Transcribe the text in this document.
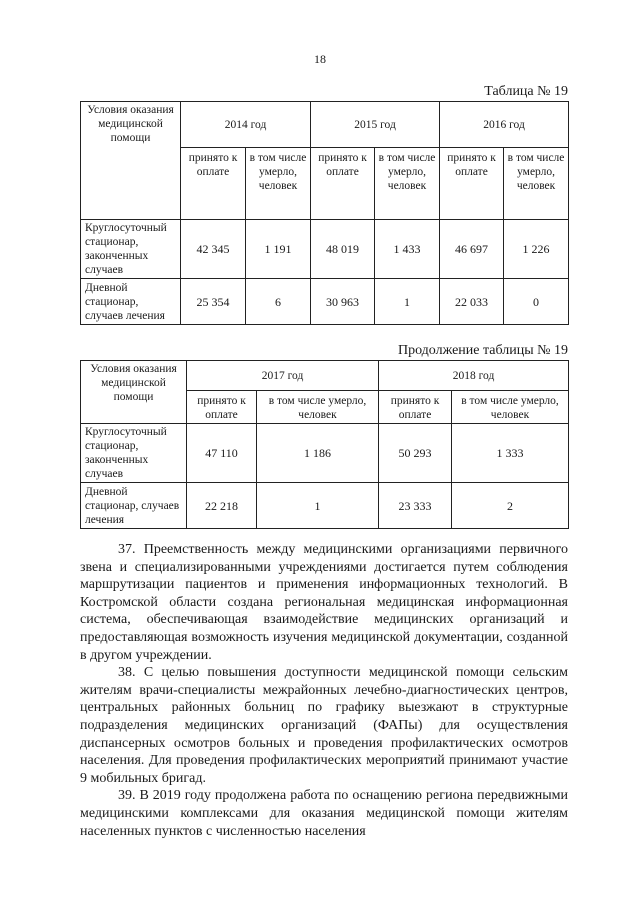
18
Таблица № 19
Условия оказания медицинской помощи	2014 год		2015 год		2016 год	
	принято к оплате	в том числе умерло, человек	принято к оплате	в том числе умерло, человек	принято к оплате	в том числе умерло, человек
Круглосуточный стационар, законченных случаев	42 345	1 191	48 019	1 433	46 697	1 226
Дневной стационар, случаев лечения	25 354	6	30 963	1	22 033	0
Продолжение таблицы № 19
Условия оказания медицинской помощи	2017 год		2018 год	
	принято к оплате	в том числе умерло, человек	принято к оплате	в том числе умерло, человек
Круглосуточный стационар, законченных случаев	47 110	1 186	50 293	1 333
Дневной стационар, случаев лечения	22 218	1	23 333	2

37. Преемственность между медицинскими организациями первичного звена и специализированными учреждениями достигается путем соблюдения маршрутизации пациентов и применения информационных технологий. В Костромской области создана региональная медицинская информационная система, обеспечивающая взаимодействие медицинских организаций и предоставляющая возможность изучения медицинской документации, созданной в другом учреждении.

38. С целью повышения доступности медицинской помощи сельским жителям врачи-специалисты межрайонных лечебно-диагностических центров, центральных районных больниц по графику выезжают в структурные подразделения медицинских организаций (ФАПы) для осуществления диспансерных осмотров больных и проведения профилактических осмотров населения. Для проведения профилактических мероприятий принимают участие 9 мобильных бригад.

39. В 2019 году продолжена работа по оснащению региона передвижными медицинскими комплексами для оказания медицинской помощи жителям населенных пунктов с численностью населения
